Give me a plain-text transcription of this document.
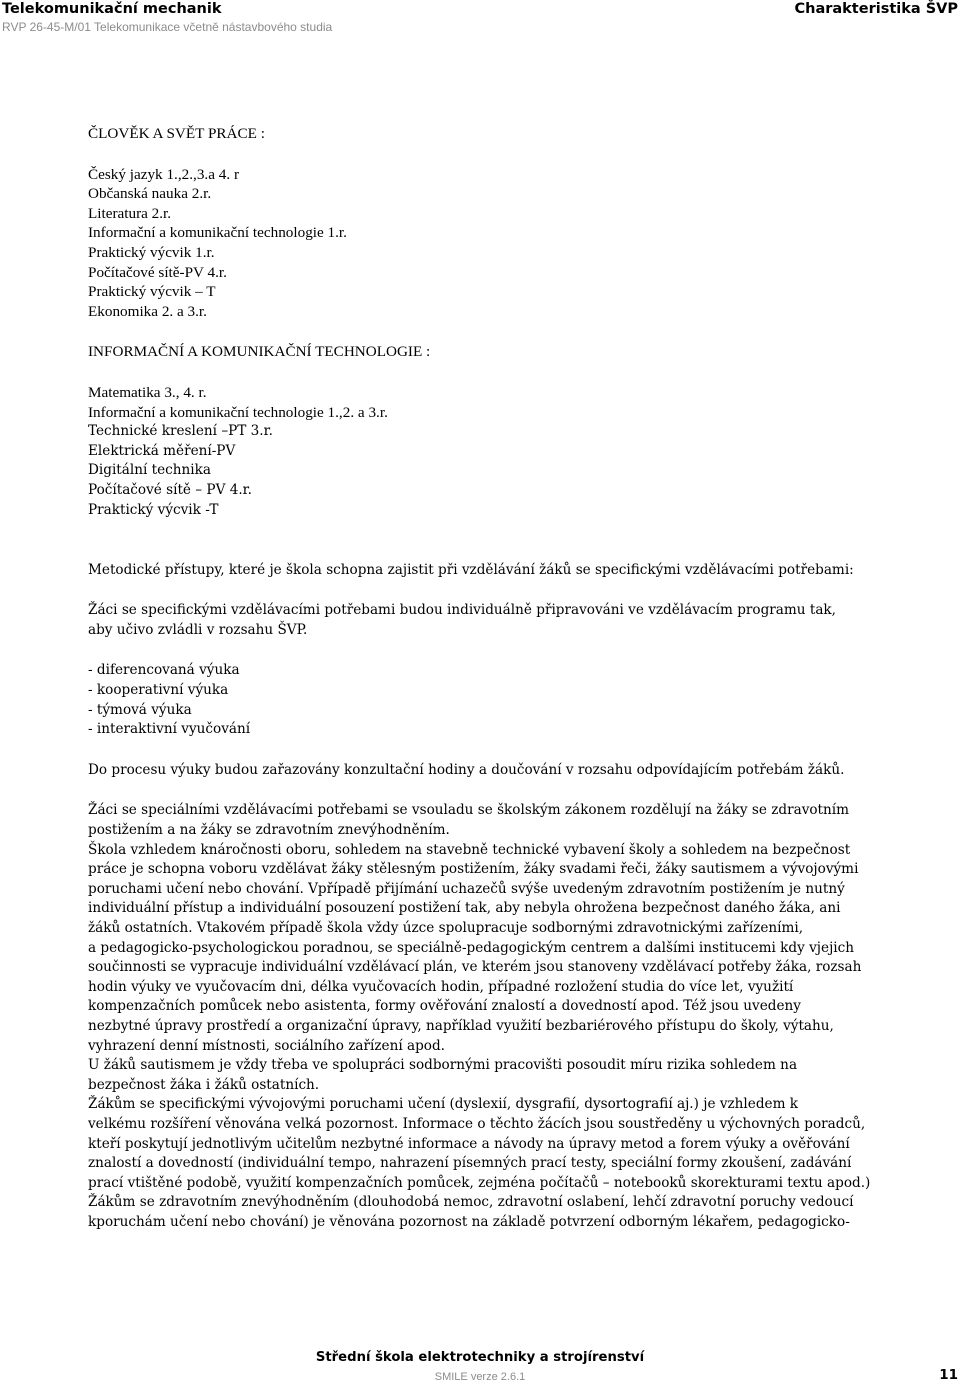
Telekomunikační mechanik
RVP 26-45-M/01 Telekomunikace včetně nástavbového studia
Charakteristika ŠVP
ČLOVĚK A SVĚT PRÁCE :
Český jazyk 1.,2.,3.a 4. r
Občanská nauka 2.r.
Literatura 2.r.
Informační a komunikační technologie 1.r.
Praktický výcvik 1.r.
Počítačové sítě-PV 4.r.
Praktický výcvik – T
Ekonomika 2. a 3.r.
INFORMAČNÍ A KOMUNIKAČNÍ TECHNOLOGIE :
Matematika 3., 4. r.
Informační a komunikační technologie 1.,2. a 3.r.
Technické kreslení –PT 3.r.
Elektrická měření-PV
Digitální technika
Počítačové sítě – PV 4.r.
Praktický výcvik -T
Metodické přístupy, které je škola schopna zajistit při vzdělávání žáků se specifickými vzdělávacími potřebami:
Žáci se specifickými vzdělávacími potřebami budou individuálně připravováni ve vzdělávacím programu tak,
aby učivo zvládli v rozsahu ŠVP.
- diferencovaná výuka
- kooperativní výuka
- týmová výuka
- interaktivní vyučování
Do procesu výuky budou zařazovány konzultační hodiny a doučování v rozsahu odpovídajícím potřebám žáků.
Žáci se speciálními vzdělávacími potřebami se vsouladu se školským zákonem rozdělují na žáky se zdravotním
postižením a na žáky se zdravotním znevýhodněním.
Škola vzhledem knáročnosti oboru, sohledem na stavebně technické vybavení školy a sohledem na bezpečnost
práce je schopna voboru vzdělávat žáky stělesným postižením, žáky svadami řeči, žáky sautismem a vývojovými
poruchami učení nebo chování. Vpřípadě přijímání uchazečů svýše uvedeným zdravotním postižením je nutný
individuální přístup a individuální posouzení postižení tak, aby nebyla ohrožena bezpečnost daného žáka, ani
žáků ostatních. Vtakovém případě škola vždy úzce spolupracuje sodbornými zdravotnickými zařízeními,
a pedagogicko-psychologickou poradnou, se speciálně-pedagogickým centrem a dalšími institucemi kdy vjejich
součinnosti se vypracuje individuální vzdělávací plán, ve kterém jsou stanoveny vzdělávací potřeby žáka, rozsah
hodin výuky ve vyučovacím dni, délka vyučovacích hodin, případné rozložení studia do více let, využití
kompenzačních pomůcek nebo asistenta, formy ověřování znalostí a dovedností apod. Též jsou uvedeny
nezbytné úpravy prostředí a organizační úpravy, například využití bezbariérového přístupu do školy, výtahu,
vyhrazení denní místnosti, sociálního zařízení apod.
U žáků sautismem je vždy třeba ve spolupráci sodbornými pracovišti posoudit míru rizika sohledem na
bezpečnost žáka i žáků ostatních.
Žákům se specifickými vývojovými poruchami učení (dyslexií, dysgrafií, dysortografií aj.) je vzhledem k
velkému rozšíření věnována velká pozornost. Informace o těchto žácích jsou soustředěny u výchovných poradců,
kteří poskytují jednotlivým učitelům nezbytné informace a návody na úpravy metod a forem výuky a ověřování
znalostí a dovedností (individuální tempo, nahrazení písemných prací testy, speciální formy zkoušení, zadávání
prací vtištěné podobě, využití kompenzačních pomůcek, zejména počítačů – notebooků skorekturami textu apod.)
Žákům se zdravotním znevýhodněním (dlouhodobá nemoc, zdravotní oslabení, lehčí zdravotní poruchy vedoucí
kporuchám učení nebo chování) je věnována pozornost na základě potvrzení odborným lékařem, pedagogicko-
Střední škola elektrotechniky a strojírenství
SMILE verze 2.6.1	11
